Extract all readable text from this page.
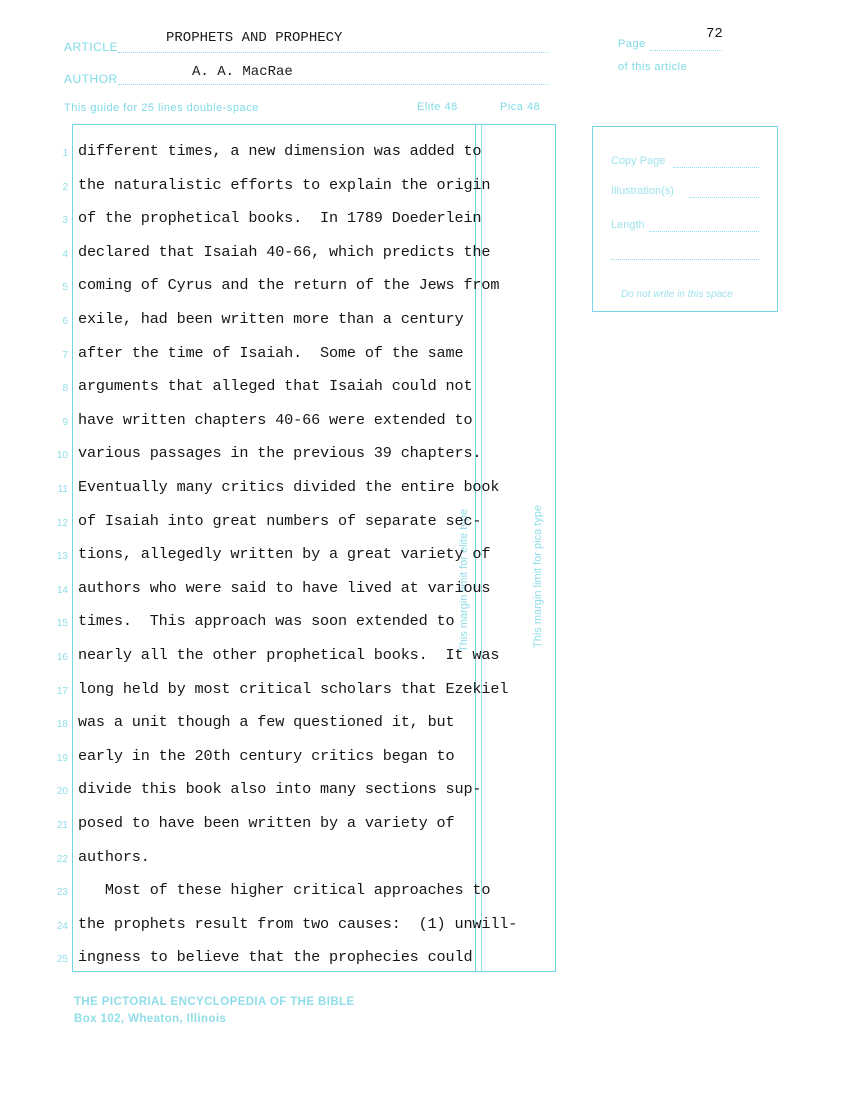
ARTICLE
PROPHETS AND PROPHECY
AUTHOR	A. A. MacRae
Page
72
of this article
This guide for 25 lines double-space	Elite 48	Pica 48
This margin limit for elite type	This margin limit for pica type
1 different times, a new dimension was added to
2 the naturalistic efforts to explain the origin
3 of the prophetical books.  In 1789 Doederlein
4 declared that Isaiah 40-66, which predicts the
5 coming of Cyrus and the return of the Jews from
6 exile, had been written more than a century
7 after the time of Isaiah.  Some of the same
8 arguments that alleged that Isaiah could not
9 have written chapters 40-66 were extended to
10 various passages in the previous 39 chapters.
11 Eventually many critics divided the entire book
12 of Isaiah into great numbers of separate sec-
13 tions, allegedly written by a great variety of
14 authors who were said to have lived at various
15 times.  This approach was soon extended to
16 nearly all the other prophetical books.  It was
17 long held by most critical scholars that Ezekiel
18 was a unit though a few questioned it, but
19 early in the 20th century critics began to
20 divide this book also into many sections sup-
21 posed to have been written by a variety of
22 authors.
23 Most of these higher critical approaches to
24 the prophets result from two causes:  (1) unwill-
25 ingness to believe that the prophecies could
Copy Page
Illustration(s)
Length
Do not write in this space
THE PICTORIAL ENCYCLOPEDIA OF THE BIBLE
Box 102, Wheaton, Illinois
